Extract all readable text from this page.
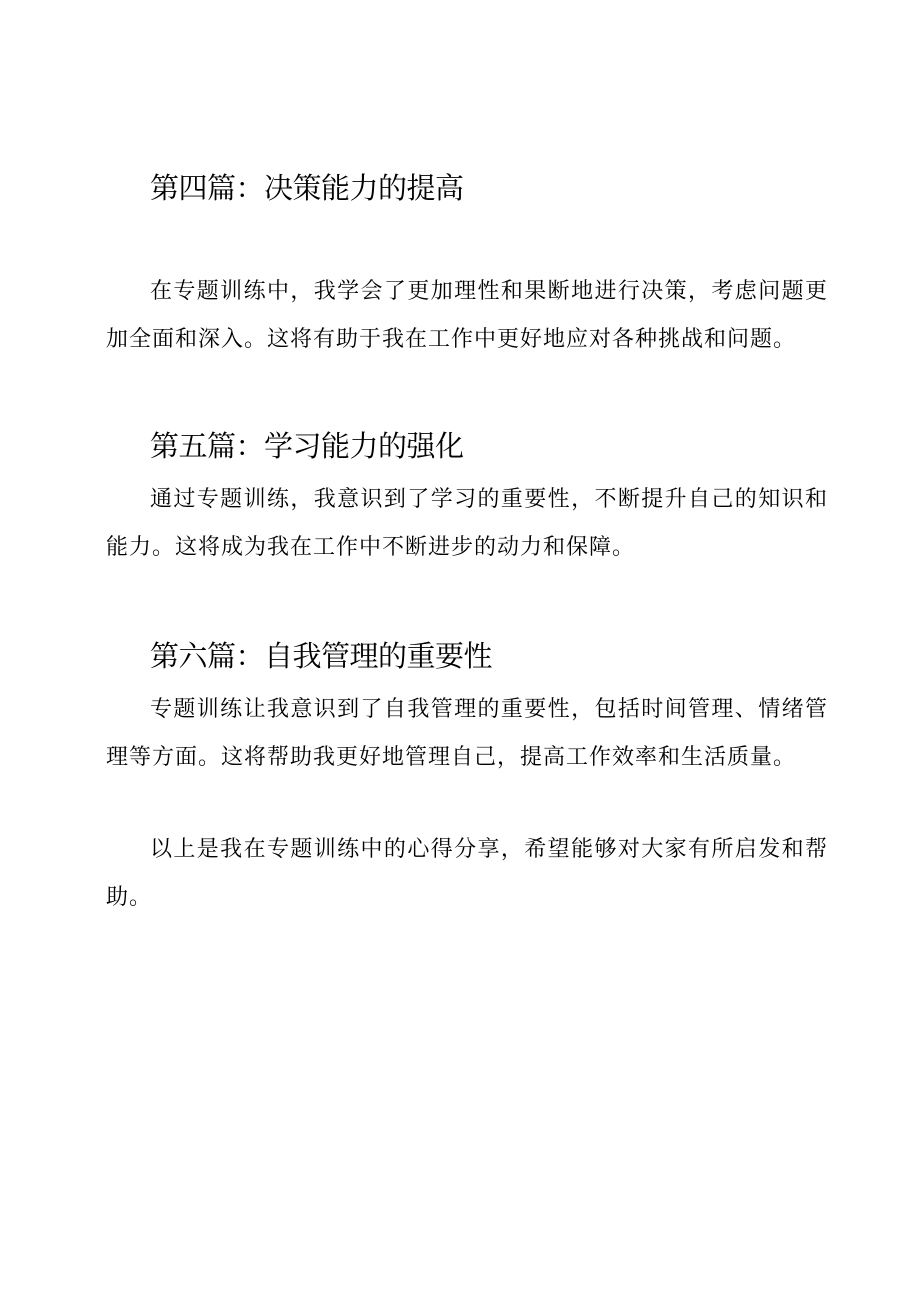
第四篇：决策能力的提高

在专题训练中，我学会了更加理性和果断地进行决策，考虑问题更加全面和深入。这将有助于我在工作中更好地应对各种挑战和问题。

第五篇：学习能力的强化

通过专题训练，我意识到了学习的重要性，不断提升自己的知识和能力。这将成为我在工作中不断进步的动力和保障。

第六篇：自我管理的重要性

专题训练让我意识到了自我管理的重要性，包括时间管理、情绪管理等方面。这将帮助我更好地管理自己，提高工作效率和生活质量。

以上是我在专题训练中的心得分享，希望能够对大家有所启发和帮助。
